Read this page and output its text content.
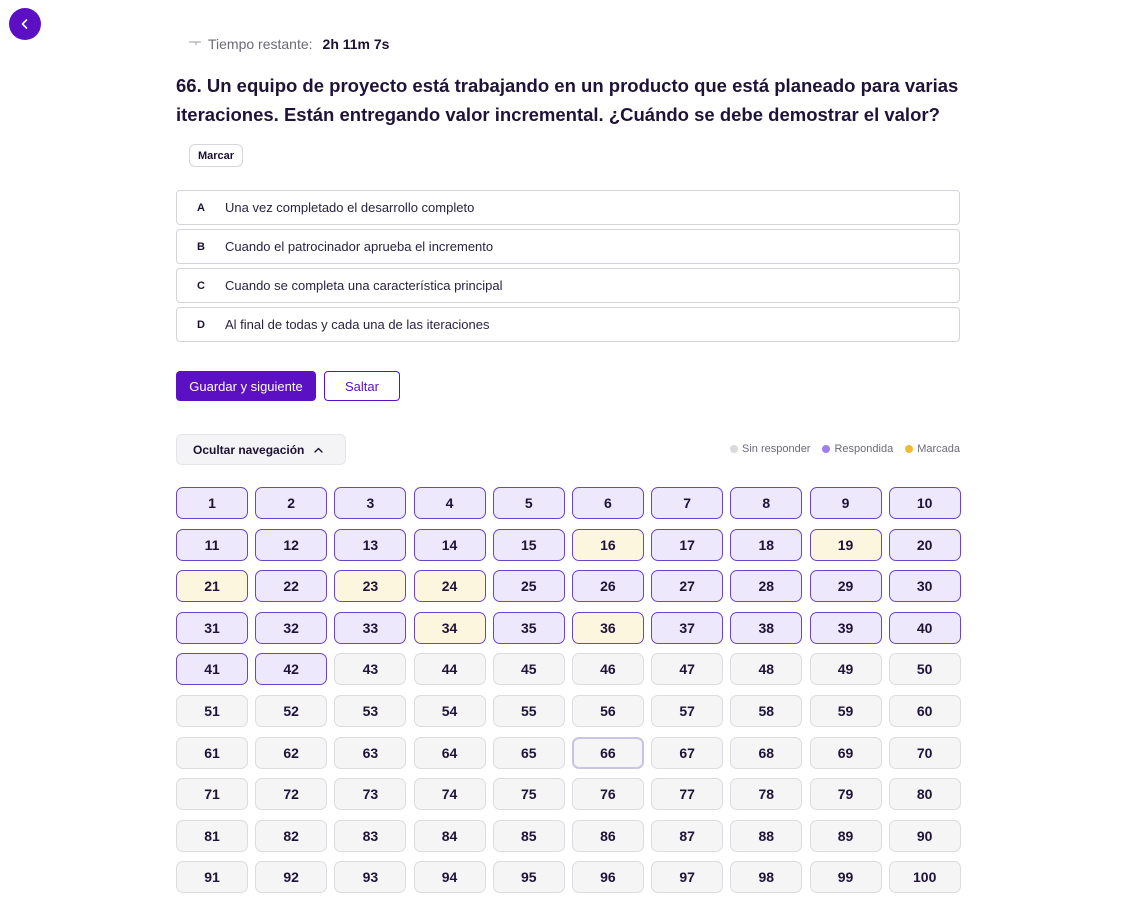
Tiempo restante: 2h 11m 7s
66. Un equipo de proyecto está trabajando en un producto que está planeado para varias iteraciones. Están entregando valor incremental. ¿Cuándo se debe demostrar el valor?
Marcar
A	Una vez completado el desarrollo completo
B	Cuando el patrocinador aprueba el incremento
C	Cuando se completa una característica principal
D	Al final de todas y cada una de las iteraciones
Guardar y siguiente	Saltar
Ocultar navegación	Sin responder Respondida Marcada
1	2	3	4	5	6	7	8	9	10
11	12	13	14	15	16	17	18	19	20
21	22	23	24	25	26	27	28	29	30
31	32	33	34	35	36	37	38	39	40
41	42	43	44	45	46	47	48	49	50
51	52	53	54	55	56	57	58	59	60
61	62	63	64	65	66	67	68	69	70
71	72	73	74	75	76	77	78	79	80
81	82	83	84	85	86	87	88	89	90
91	92	93	94	95	96	97	98	99	100
